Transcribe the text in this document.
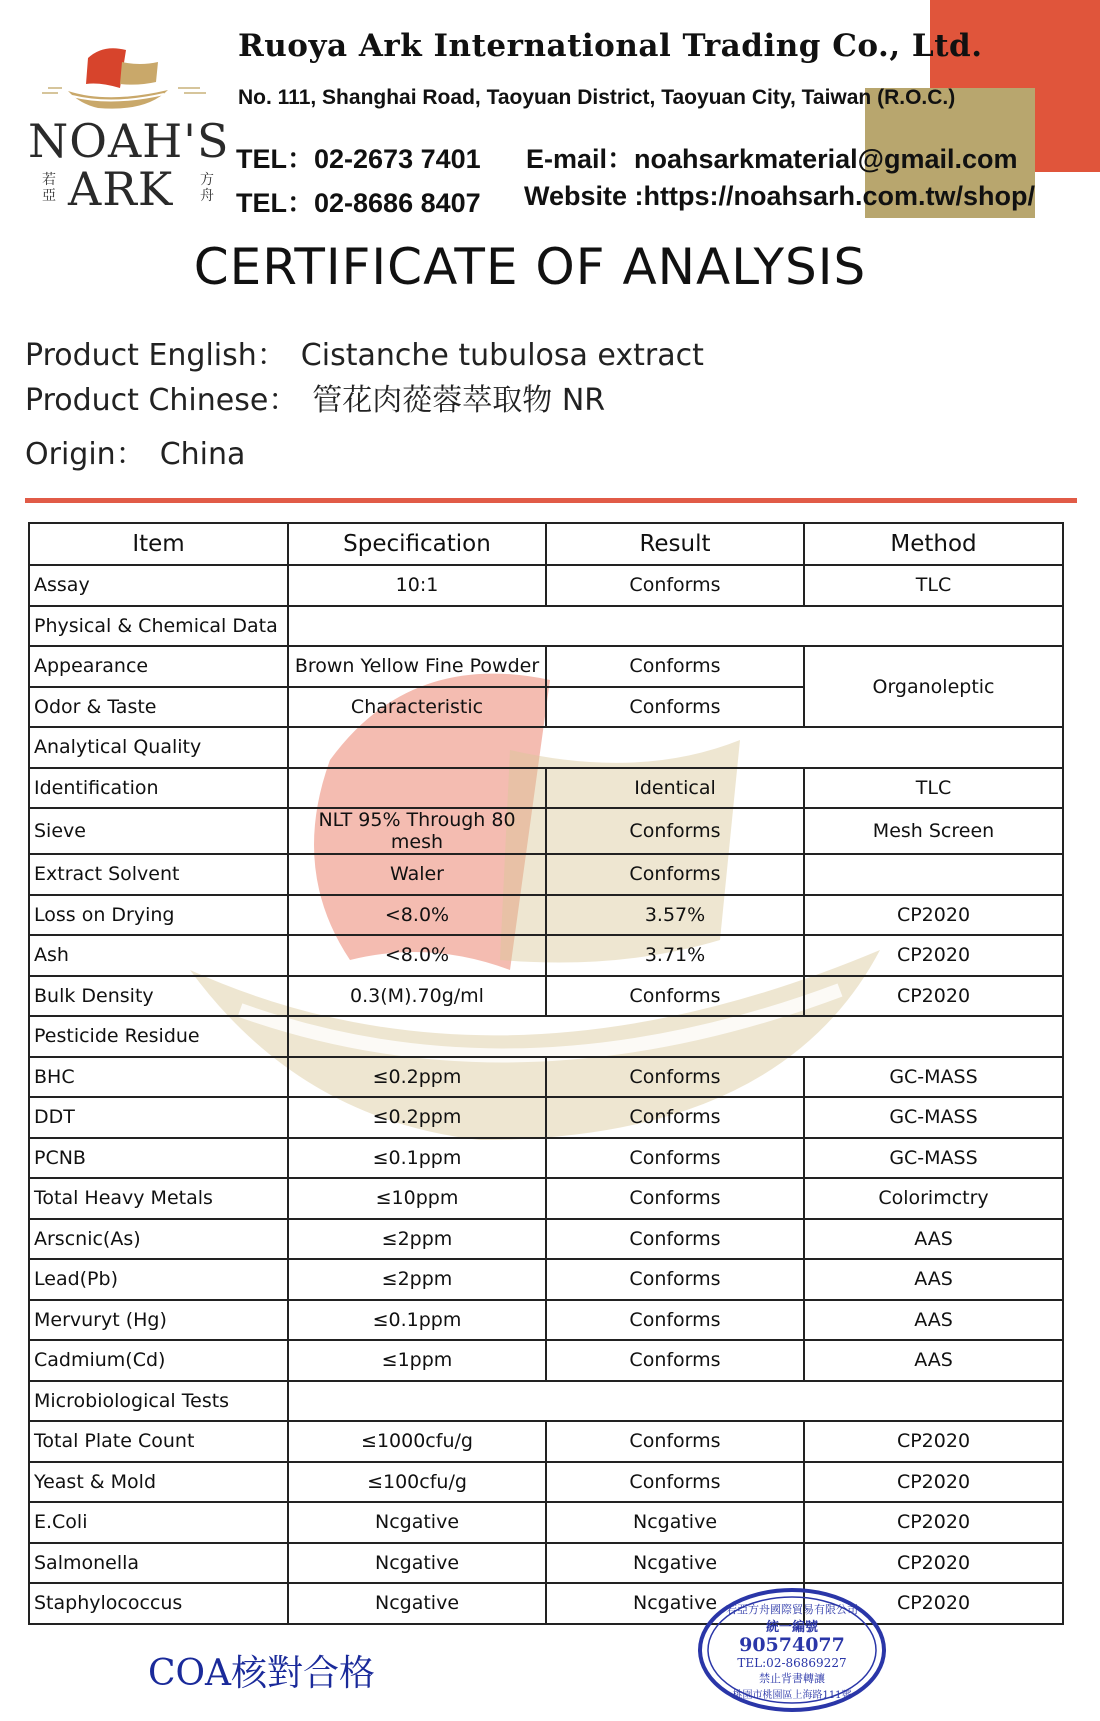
NOAH'S
ARK
若亞
方舟
Ruoya Ark International Trading Co., Ltd.
No. 111, Shanghai Road, Taoyuan District, Taoyuan City, Taiwan (R.O.C.)
TEL：02-2673 7401
TEL：02-8686 8407
E-mail：noahsarkmaterial@gmail.com
Website :https://noahsarh.com.tw/shop/
CERTIFICATE OF ANALYSIS
Product English： Cistanche tubulosa extract
Product Chinese： 管花肉蓯蓉萃取物 NR
Origin： China
Item	Specification	Result	Method
Assay	10:1	Conforms	TLC
Physical & Chemical Data			
Appearance	Brown Yellow Fine Powder	Conforms	Organoleptic
Odor & Taste	Characteristic	Conforms	
Analytical Quality			
Identification		Identical	TLC
Sieve	NLT 95% Through 80 mesh	Conforms	Mesh Screen
Extract Solvent	Waler	Conforms	
Loss on Drying	<8.0%	3.57%	CP2020
Ash	<8.0%	3.71%	CP2020
Bulk Density	0.3(M).70g/ml	Conforms	CP2020
Pesticide Residue			
BHC	≤0.2ppm	Conforms	GC-MASS
DDT	≤0.2ppm	Conforms	GC-MASS
PCNB	≤0.1ppm	Conforms	GC-MASS
Total Heavy Metals	≤10ppm	Conforms	Colorimctry
Arscnic(As)	≤2ppm	Conforms	AAS
Lead(Pb)	≤2ppm	Conforms	AAS
Mervuryt (Hg)	≤0.1ppm	Conforms	AAS
Cadmium(Cd)	≤1ppm	Conforms	AAS
Microbiological Tests			
Total Plate Count	≤1000cfu/g	Conforms	CP2020
Yeast & Mold	≤100cfu/g	Conforms	CP2020
E.Coli	Ncgative	Ncgative	CP2020
Salmonella	Ncgative	Ncgative	CP2020
Staphylococcus	Ncgative	Ncgative	CP2020
COA核對合格
若亞方舟國際貿易有限公司
統一編號
90574077
TEL:02-86869227
禁止背書轉讓
桃園市桃園區上海路111號
